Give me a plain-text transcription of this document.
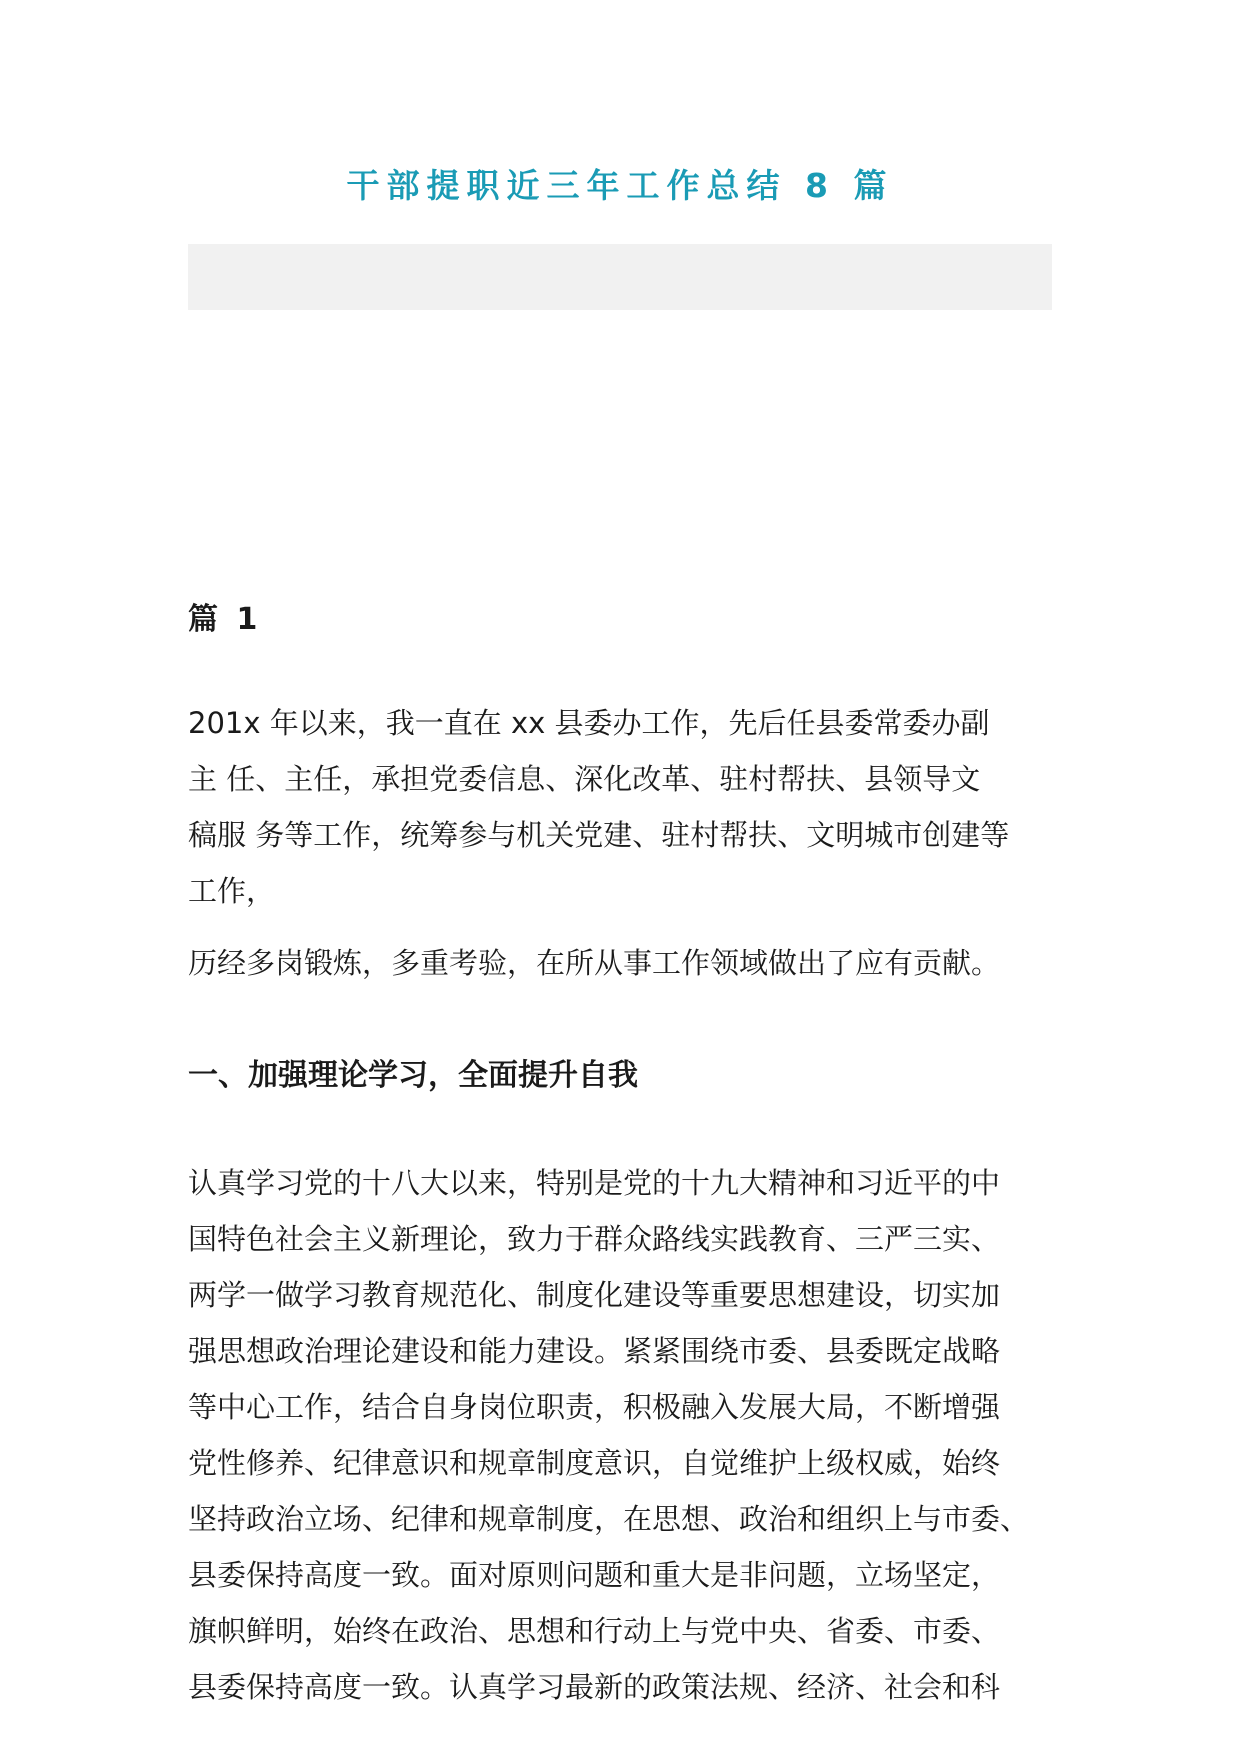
干部提职近三年工作总结 8 篇
篇 1

201x 年以来，我一直在 xx 县委办工作，先后任县委常委办副
主 任、主任，承担党委信息、深化改革、驻村帮扶、县领导文
稿服 务等工作，统筹参与机关党建、驻村帮扶、文明城市创建等
工作，

历经多岗锻炼，多重考验，在所从事工作领域做出了应有贡献。

一、加强理论学习，全面提升自我

认真学习党的十八大以来，特别是党的十九大精神和习近平的中
国特色社会主义新理论，致力于群众路线实践教育、三严三实、
两学一做学习教育规范化、制度化建设等重要思想建设，切实加
强思想政治理论建设和能力建设。紧紧围绕市委、县委既定战略
等中心工作，结合自身岗位职责，积极融入发展大局，不断增强
党性修养、纪律意识和规章制度意识，自觉维护上级权威，始终
坚持政治立场、纪律和规章制度，在思想、政治和组织上与市委、
县委保持高度一致。面对原则问题和重大是非问题，立场坚定，
旗帜鲜明，始终在政治、思想和行动上与党中央、省委、市委、
县委保持高度一致。认真学习最新的政策法规、经济、社会和科
